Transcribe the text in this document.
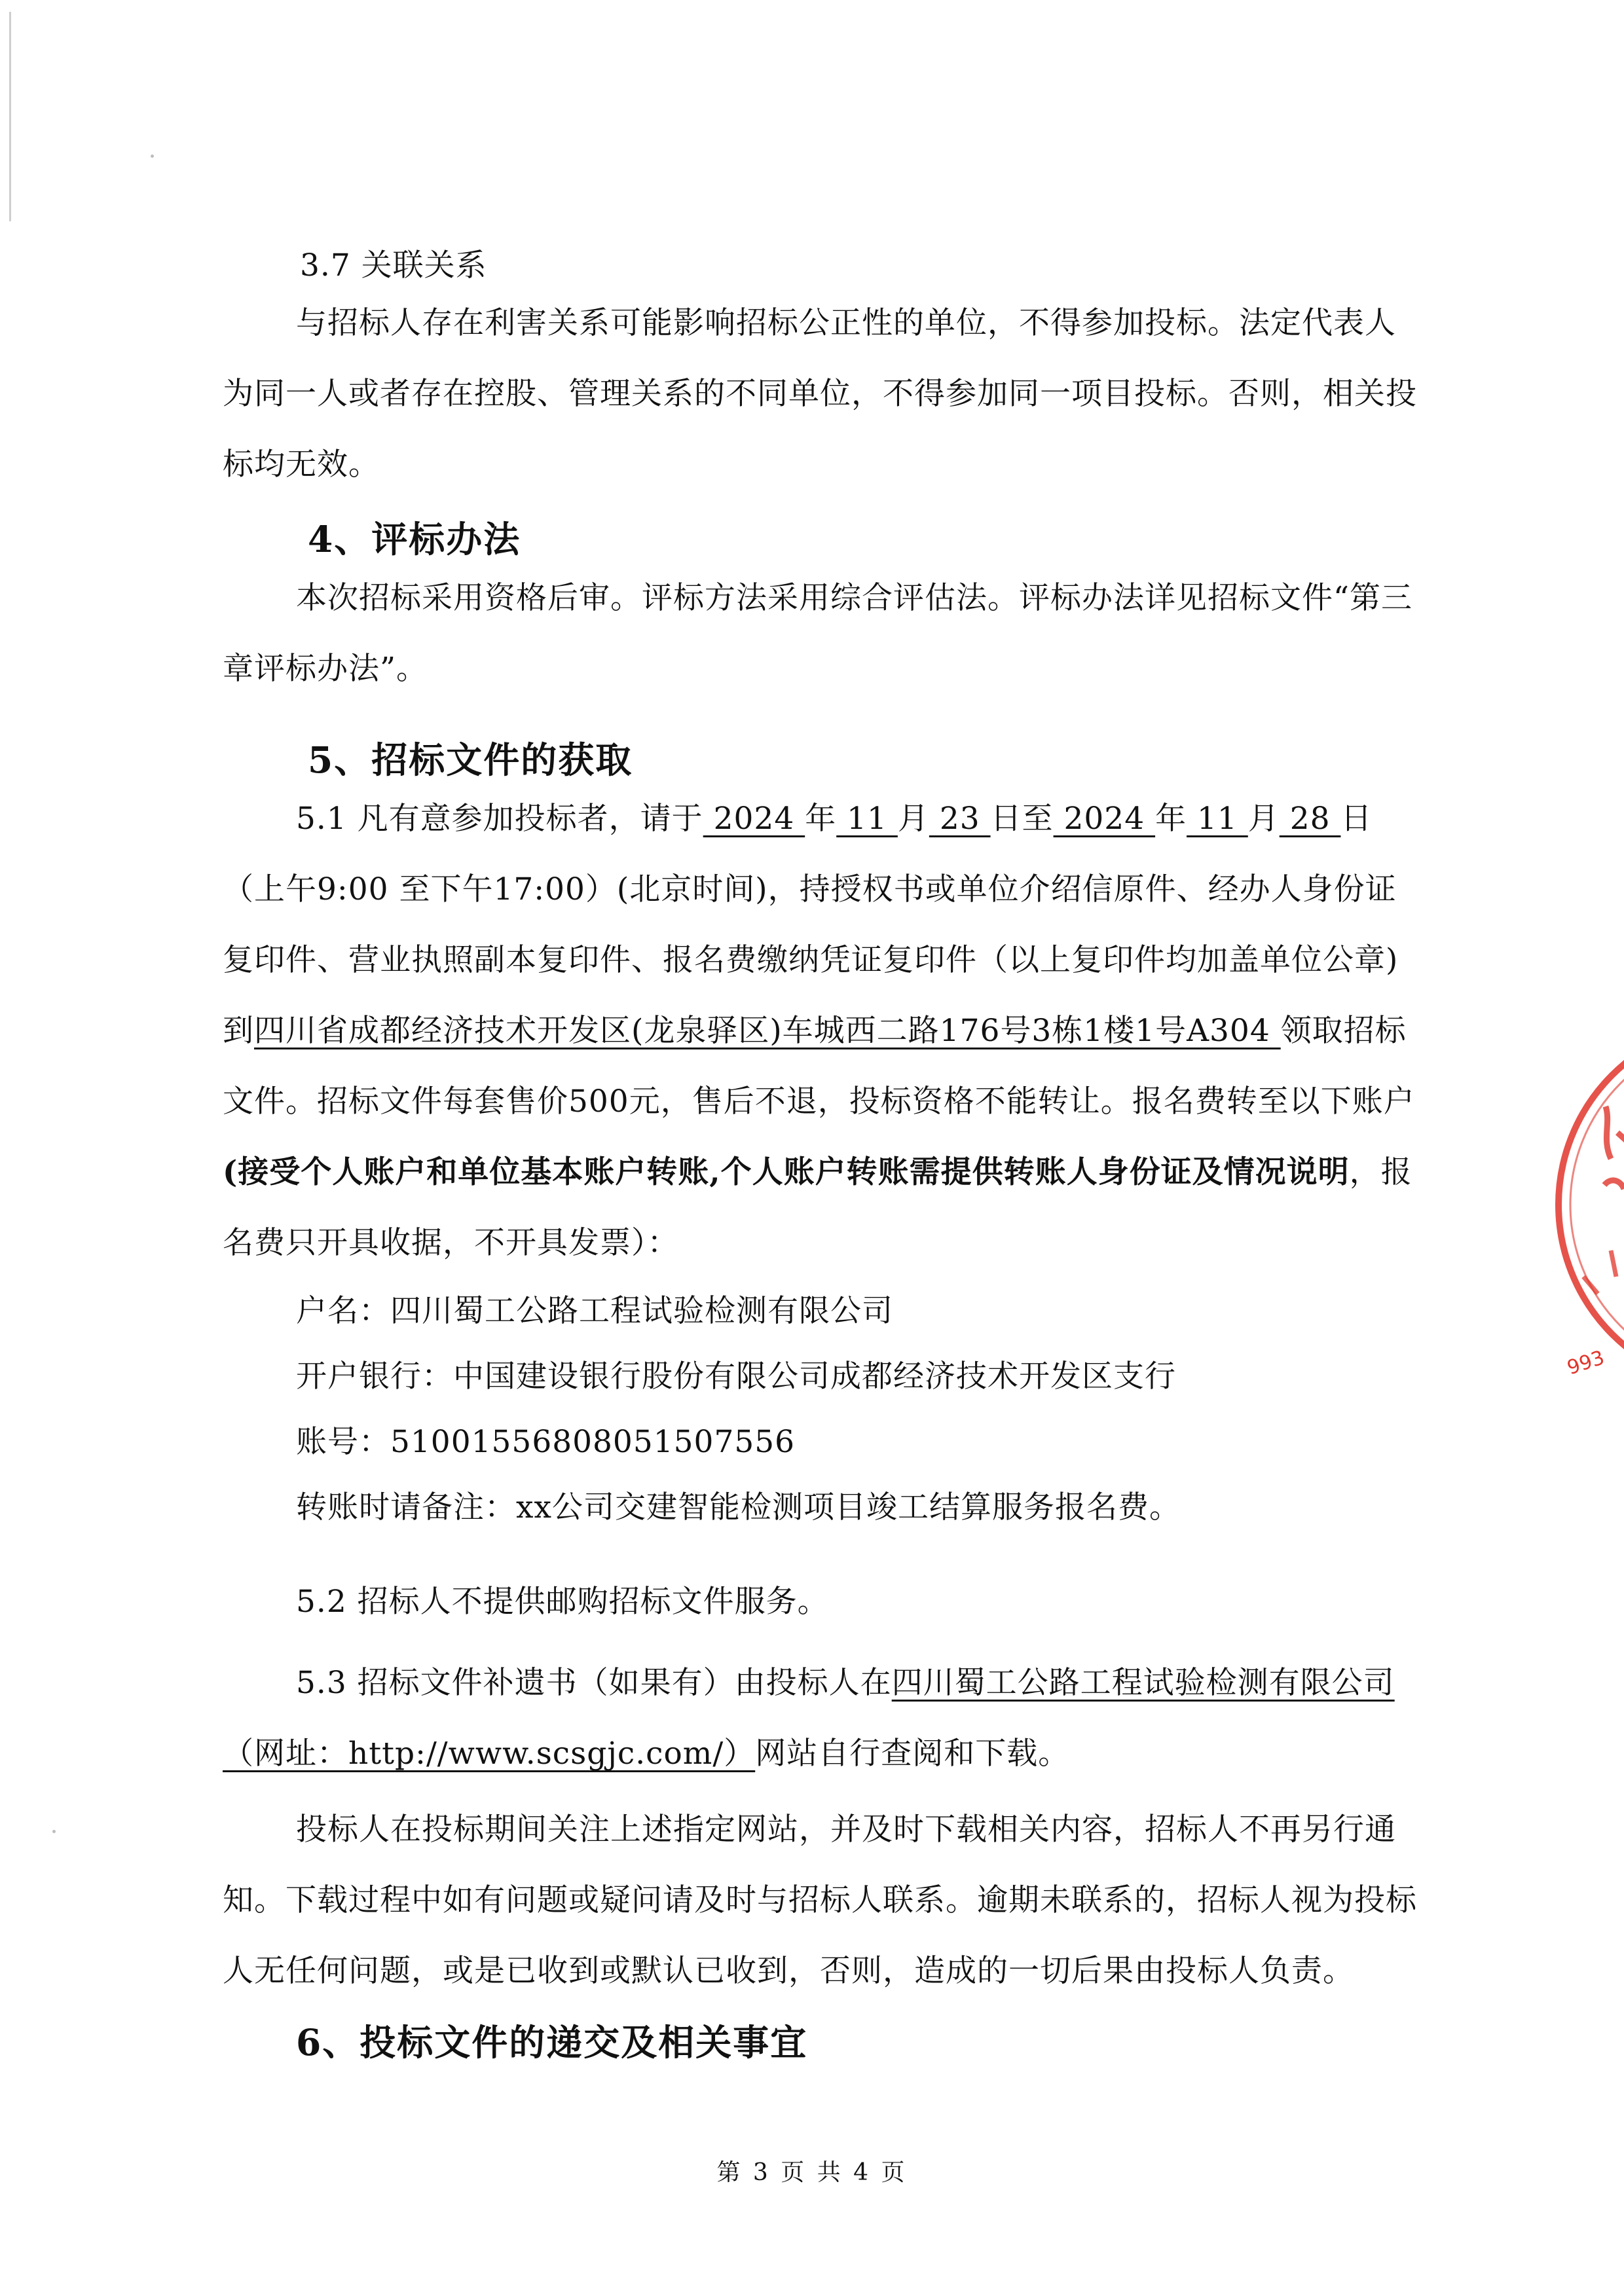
3.7 关联关系

与招标人存在利害关系可能影响招标公正性的单位，不得参加投标。法定代表人为同一人或者存在控股、管理关系的不同单位，不得参加同一项目投标。否则，相关投标均无效。

4、评标办法

本次招标采用资格后审。评标方法采用综合评估法。评标办法详见招标文件“第三章评标办法”。

5、招标文件的获取

5.1 凡有意参加投标者，请于 2024 年 11 月 23 日至 2024 年 11 月 28 日（上午9:00 至下午17:00）(北京时间)，持授权书或单位介绍信原件、经办人身份证复印件、营业执照副本复印件、报名费缴纳凭证复印件（以上复印件均加盖单位公章)到四川省成都经济技术开发区(龙泉驿区)车城西二路176号3栋1楼1号A304 领取招标文件。招标文件每套售价500元，售后不退，投标资格不能转让。报名费转至以下账户(接受个人账户和单位基本账户转账,个人账户转账需提供转账人身份证及情况说明，报名费只开具收据，不开具发票）：

户名：四川蜀工公路工程试验检测有限公司

开户银行：中国建设银行股份有限公司成都经济技术开发区支行

账号：51001556808051507556

转账时请备注：xx公司交建智能检测项目竣工结算服务报名费。

5.2 招标人不提供邮购招标文件服务。

5.3 招标文件补遗书（如果有）由投标人在四川蜀工公路工程试验检测有限公司（网址：http://www.scsgjc.com/）网站自行查阅和下载。

投标人在投标期间关注上述指定网站，并及时下载相关内容，招标人不再另行通知。下载过程中如有问题或疑问请及时与招标人联系。逾期未联系的，招标人视为投标人无任何问题，或是已收到或默认已收到，否则，造成的一切后果由投标人负责。

6、投标文件的递交及相关事宜

993
第 3 页 共 4 页
